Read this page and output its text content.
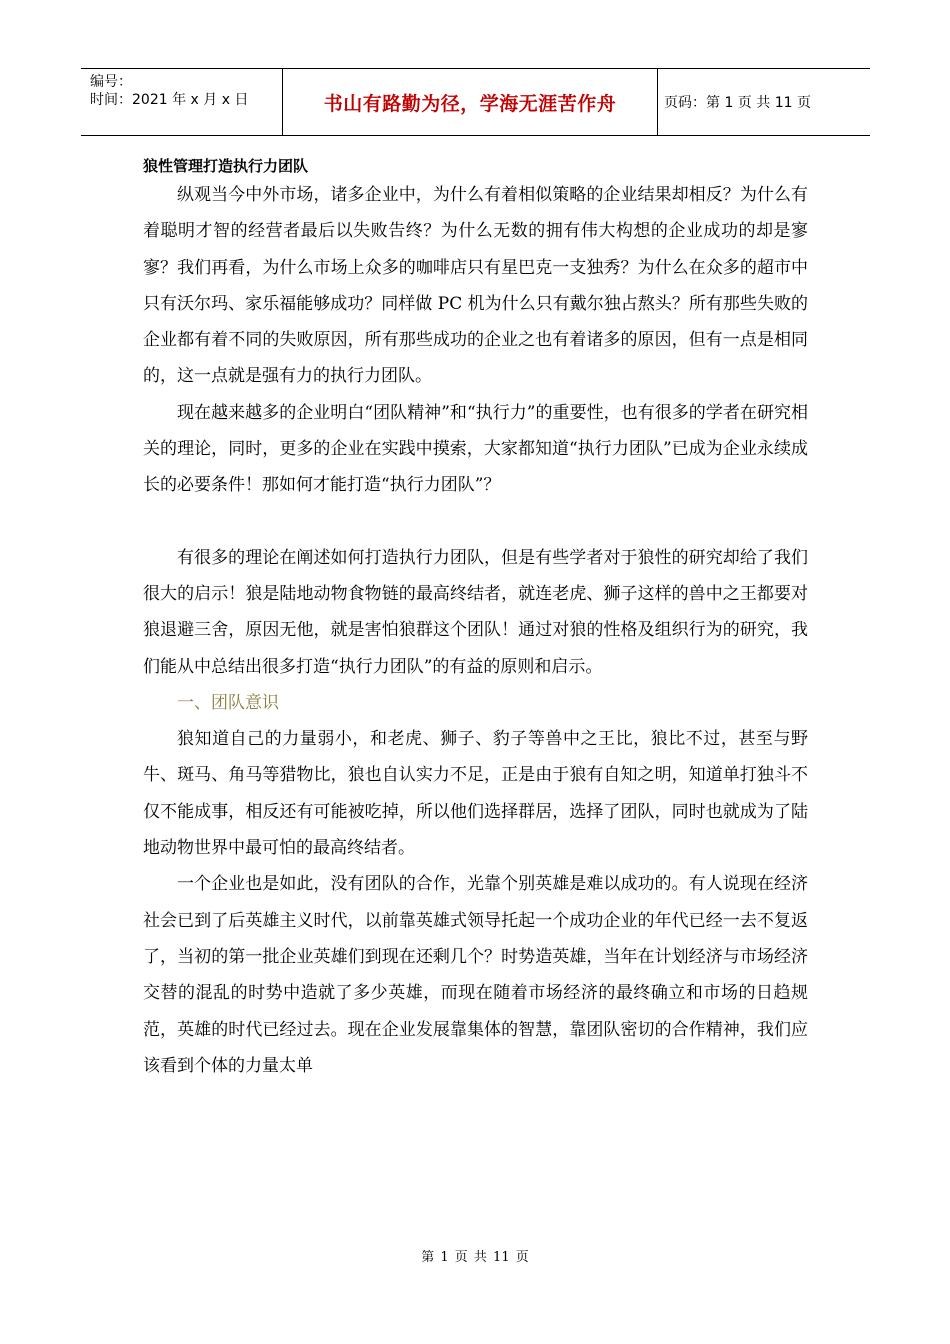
编号：
时间：2021 年 x 月 x 日	书山有路勤为径，学海无涯苦作舟	页码：第 1 页 共 11 页

狼性管理打造执行力团队

纵观当今中外市场，诸多企业中，为什么有着相似策略的企业结果却相反？为什么有着聪明才智的经营者最后以失败告终？为什么无数的拥有伟大构想的企业成功的却是寥寥？我们再看，为什么市场上众多的咖啡店只有星巴克一支独秀？为什么在众多的超市中只有沃尔玛、家乐福能够成功？同样做 PC 机为什么只有戴尔独占熬头？所有那些失败的企业都有着不同的失败原因，所有那些成功的企业之也有着诸多的原因，但有一点是相同的，这一点就是强有力的执行力团队。

现在越来越多的企业明白“团队精神”和“执行力”的重要性，也有很多的学者在研究相关的理论，同时，更多的企业在实践中摸索，大家都知道“执行力团队”已成为企业永续成长的必要条件！那如何才能打造“执行力团队”？

有很多的理论在阐述如何打造执行力团队，但是有些学者对于狼性的研究却给了我们很大的启示！狼是陆地动物食物链的最高终结者，就连老虎、狮子这样的兽中之王都要对狼退避三舍，原因无他，就是害怕狼群这个团队！通过对狼的性格及组织行为的研究，我们能从中总结出很多打造“执行力团队”的有益的原则和启示。

一、团队意识

狼知道自己的力量弱小，和老虎、狮子、豹子等兽中之王比，狼比不过，甚至与野牛、斑马、角马等猎物比，狼也自认实力不足，正是由于狼有自知之明，知道单打独斗不仅不能成事，相反还有可能被吃掉，所以他们选择群居，选择了团队，同时也就成为了陆地动物世界中最可怕的最高终结者。

一个企业也是如此，没有团队的合作，光靠个别英雄是难以成功的。有人说现在经济社会已到了后英雄主义时代，以前靠英雄式领导托起一个成功企业的年代已经一去不复返了，当初的第一批企业英雄们到现在还剩几个？时势造英雄，当年在计划经济与市场经济交替的混乱的时势中造就了多少英雄，而现在随着市场经济的最终确立和市场的日趋规范，英雄的时代已经过去。现在企业发展靠集体的智慧，靠团队密切的合作精神，我们应该看到个体的力量太单

第 1 页 共 11 页
